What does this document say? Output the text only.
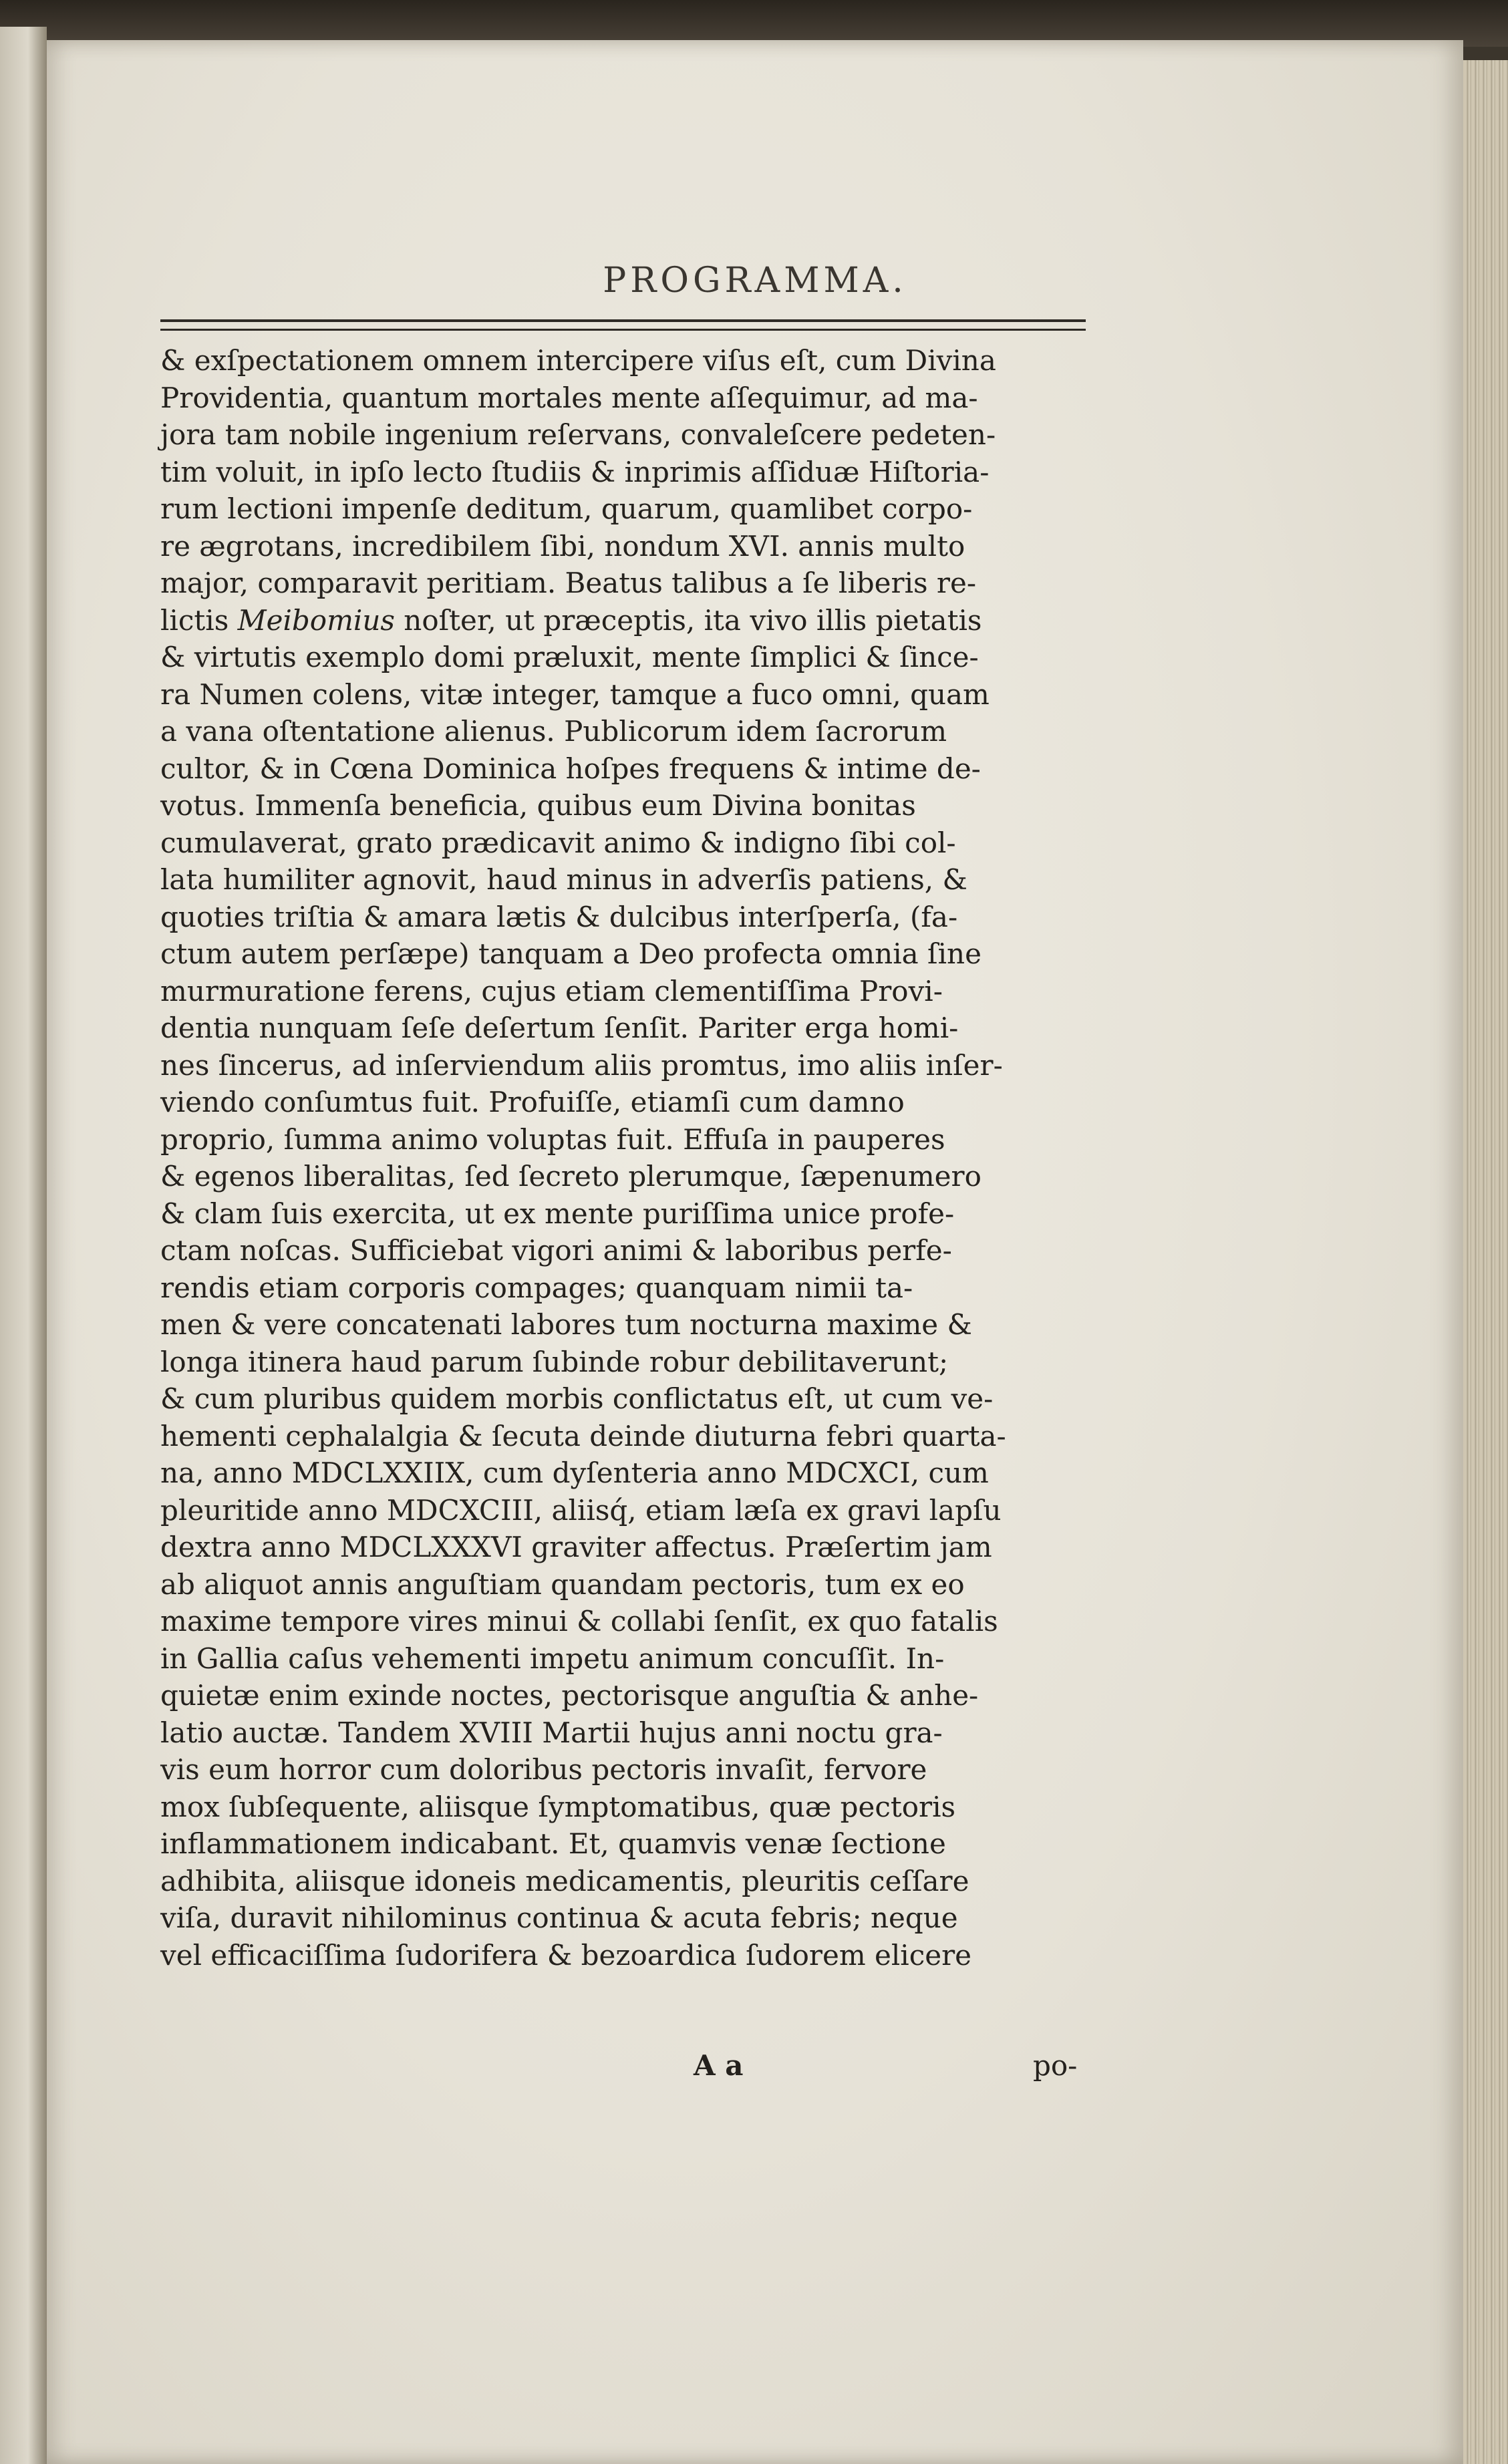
PROGRAMMA.
& exſpectationem omnem intercipere viſus eſt, cum Divina
Providentia, quantum mortales mente aſſequimur, ad ma-
jora tam nobile ingenium reſervans, convaleſcere pedeten-
tim voluit, in ipſo lecto ſtudiis & inprimis aſſiduæ Hiſtoria-
rum lectioni impenſe deditum, quarum, quamlibet corpo-
re ægrotans, incredibilem ſibi, nondum XVI. annis multo
major, comparavit peritiam. Beatus talibus a ſe liberis re-
lictis Meibomius noſter, ut præceptis, ita vivo illis pietatis
& virtutis exemplo domi præluxit, mente ſimplici & ſince-
ra Numen colens, vitæ integer, tamque a fuco omni, quam
a vana oſtentatione alienus. Publicorum idem ſacrorum
cultor, & in Cœna Dominica hoſpes frequens & intime de-
votus. Immenſa beneficia, quibus eum Divina bonitas
cumulaverat, grato prædicavit animo & indigno ſibi col-
lata humiliter agnovit, haud minus in adverſis patiens, &
quoties triſtia & amara lætis & dulcibus interſperſa, (fa-
ctum autem perſæpe) tanquam a Deo profecta omnia ſine
murmuratione ferens, cujus etiam clementiſſima Provi-
dentia nunquam ſeſe deſertum ſenſit. Pariter erga homi-
nes ſincerus, ad inſerviendum aliis promtus, imo aliis inſer-
viendo conſumtus fuit. Profuiſſe, etiamſi cum damno
proprio, ſumma animo voluptas fuit. Effuſa in pauperes
& egenos liberalitas, ſed ſecreto plerumque, ſæpenumero
& clam ſuis exercita, ut ex mente puriſſima unice profe-
ctam noſcas. Sufficiebat vigori animi & laboribus perfe-
rendis etiam corporis compages; quanquam nimii ta-
men & vere concatenati labores tum nocturna maxime &
longa itinera haud parum ſubinde robur debilitaverunt;
& cum pluribus quidem morbis conflictatus eſt, ut cum ve-
hementi cephalalgia & ſecuta deinde diuturna febri quarta-
na, anno MDCLXXIIX, cum dyſenteria anno MDCXCI, cum
pleuritide anno MDCXCIII, aliisq́, etiam læſa ex gravi lapſu
dextra anno MDCLXXXVI graviter affectus. Præſertim jam
ab aliquot annis anguſtiam quandam pectoris, tum ex eo
maxime tempore vires minui & collabi ſenſit, ex quo fatalis
in Gallia caſus vehementi impetu animum concuſſit. In-
quietæ enim exinde noctes, pectorisque anguſtia & anhe-
latio auctæ. Tandem XVIII Martii hujus anni noctu gra-
vis eum horror cum doloribus pectoris invaſit, fervore
mox ſubſequente, aliisque ſymptomatibus, quæ pectoris
inflammationem indicabant. Et, quamvis venæ ſectione
adhibita, aliisque idoneis medicamentis, pleuritis ceſſare
viſa, duravit nihilominus continua & acuta febris; neque
vel efficaciſſima ſudorifera & bezoardica ſudorem elicere

A a	po-
